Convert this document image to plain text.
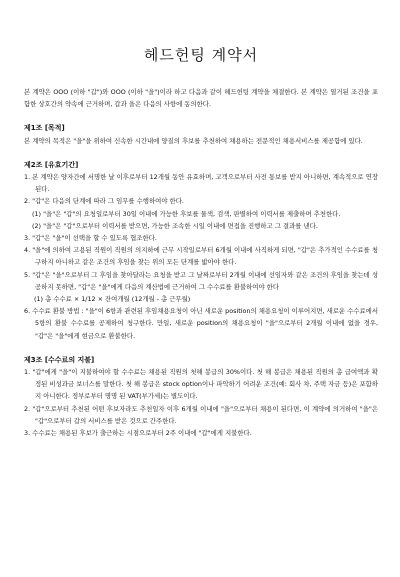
헤드헌팅 계약서

본 계약은 OOO (이하 "갑")와 OOO (이하 "을")이라 하고 다음과 같이 헤드헌팅 계약을 체결한다. 본 계약은 열거된 조건을 포함한 상호간의 약속에 근거하며, 갑과 을은 다음의 사항에 동의한다.

제1조 [목적]

본 계약의 목적은 "을"을 위하여 신속한 시간내에 양질의 후보를 추천하여 채용하는 전문적인 채용서비스를 제공함에 있다.

제2조 [유효기간]

1. 본 계약은 양자간에 서명한 날 이후로부터 12개월 동안 유효하며, 고객으로부터 사전 통보를 받지 아니하면, 계속적으로 연장된다.

2. "갑"은 다음의 단계에 따라 그 임무를 수행하여야 한다.

(1) "을"은 "갑"의 요청일로부터 30일 이내에 가능한 후보를 물색, 검색, 판별하여 이력서를 제출하며 추천한다.

(2) "을"은 "갑"으로부터 이력서를 받으면, 가능한 조속한 시일 이내에 면접을 진행하고 그 결과를 낸다.

3. "갑"은 "을"이 선택을 할 수 있도록 협조한다.

4. "을"에 의하여 고용된 직원이 직원의 의지하에 근무 시작일로부터 6개월 이내에 사직하게 되면, "갑"은 추가적인 수수료를 청구하지 아니하고 같은 조건의 후임을 찾는 위의 모든 단계를 밟아야 한다.

5. "갑"은 "을"으로부터 그 후임을 찾아달라는 요청을 받고 그 날짜로부터 2개월 이내에 선임자와 같은 조건의 후임을 찾는데 성공하지 못하면, "갑"은 "을"에게 다음의 계산법에 근거하여 그 수수료를 환불하여야 한다

(1) 총 수수료 × 1/12 × 잔여개월 (12개월 - 총 근무월)

6. 수수료 환불 방법 : "을"이 6항과 관련된 후임채용요청이 아닌 새로운 position의 채용요청이 이루어지면, 새로운 수수료에서 5항의 환불 수수료를 공제하여 청구한다. 만일, 새로운 position의 채용요청이 "을"으로부터 2개월 이내에 없을 경우, "갑"은 "을"에게 현금으로 환불한다.

제3조 [수수료의 지불]

1. "갑"에게 "을"이 지불하여야 할 수수료는 채용된 직원의 첫해 봉급의 30%이다. 첫 해 봉급은 채용된 직원의 총 급여액과 확정된 비성과금 보너스를 말한다. 첫 해 봉급은 stock option이나 파악하기 어려운 조건(예: 회사 차, 주택 자금 등)은 포함하지 아니한다. 정부로부터 명명 된 VAT(부가세)는 별도이다.

2. "갑"으로부터 추천된 어떤 후보자라도 추천일자 이후 6개월 이내에 "을"으로부터 채용이 된다면, 이 계약에 의거하여 "을"은 "갑"으로부터 갑의 서비스를 받은 것으로 간주한다.

3. 수수료는 채용된 후보가 출근하는 시점으로부터 2주 이내에 "갑"에게 지불한다.
